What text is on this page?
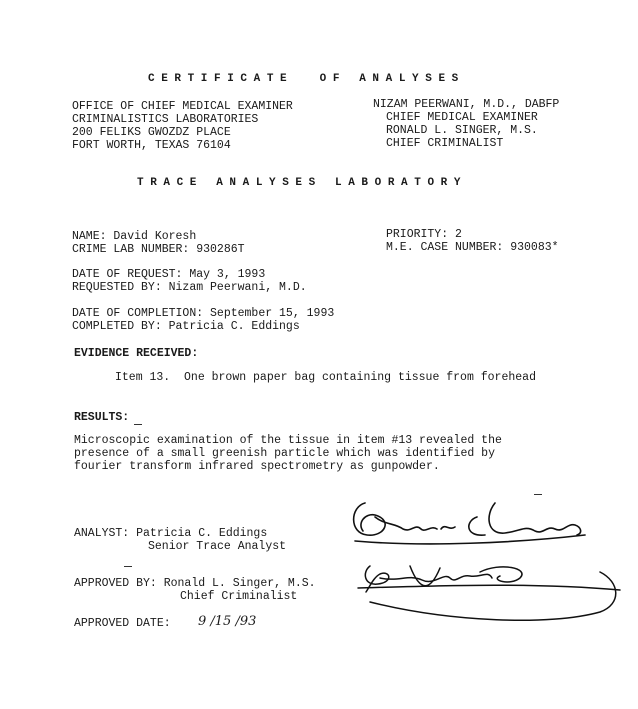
C E R T I F I C A T E     O F   A N A L Y S E S
OFFICE OF CHIEF MEDICAL EXAMINER
CRIMINALISTICS LABORATORIES
200 FELIKS GWOZDZ PLACE
FORT WORTH, TEXAS 76104
NIZAM PEERWANI, M.D., DABFP
CHIEF MEDICAL EXAMINER
RONALD L. SINGER, M.S.
CHIEF CRIMINALIST
T R A C E   A N A L Y S E S   L A B O R A T O R Y
NAME: David Koresh
CRIME LAB NUMBER: 930286T
PRIORITY: 2
M.E. CASE NUMBER: 930083*
DATE OF REQUEST: May 3, 1993
REQUESTED BY: Nizam Peerwani, M.D.
DATE OF COMPLETION: September 15, 1993
COMPLETED BY: Patricia C. Eddings
EVIDENCE RECEIVED:
Item 13.  One brown paper bag containing tissue from forehead
RESULTS:
Microscopic examination of the tissue in item #13 revealed the
presence of a small greenish particle which was identified by
fourier transform infrared spectrometry as gunpowder.
ANALYST: Patricia C. Eddings
Senior Trace Analyst
APPROVED BY: Ronald L. Singer, M.S.
Chief Criminalist
APPROVED DATE: 9 /15 /93
